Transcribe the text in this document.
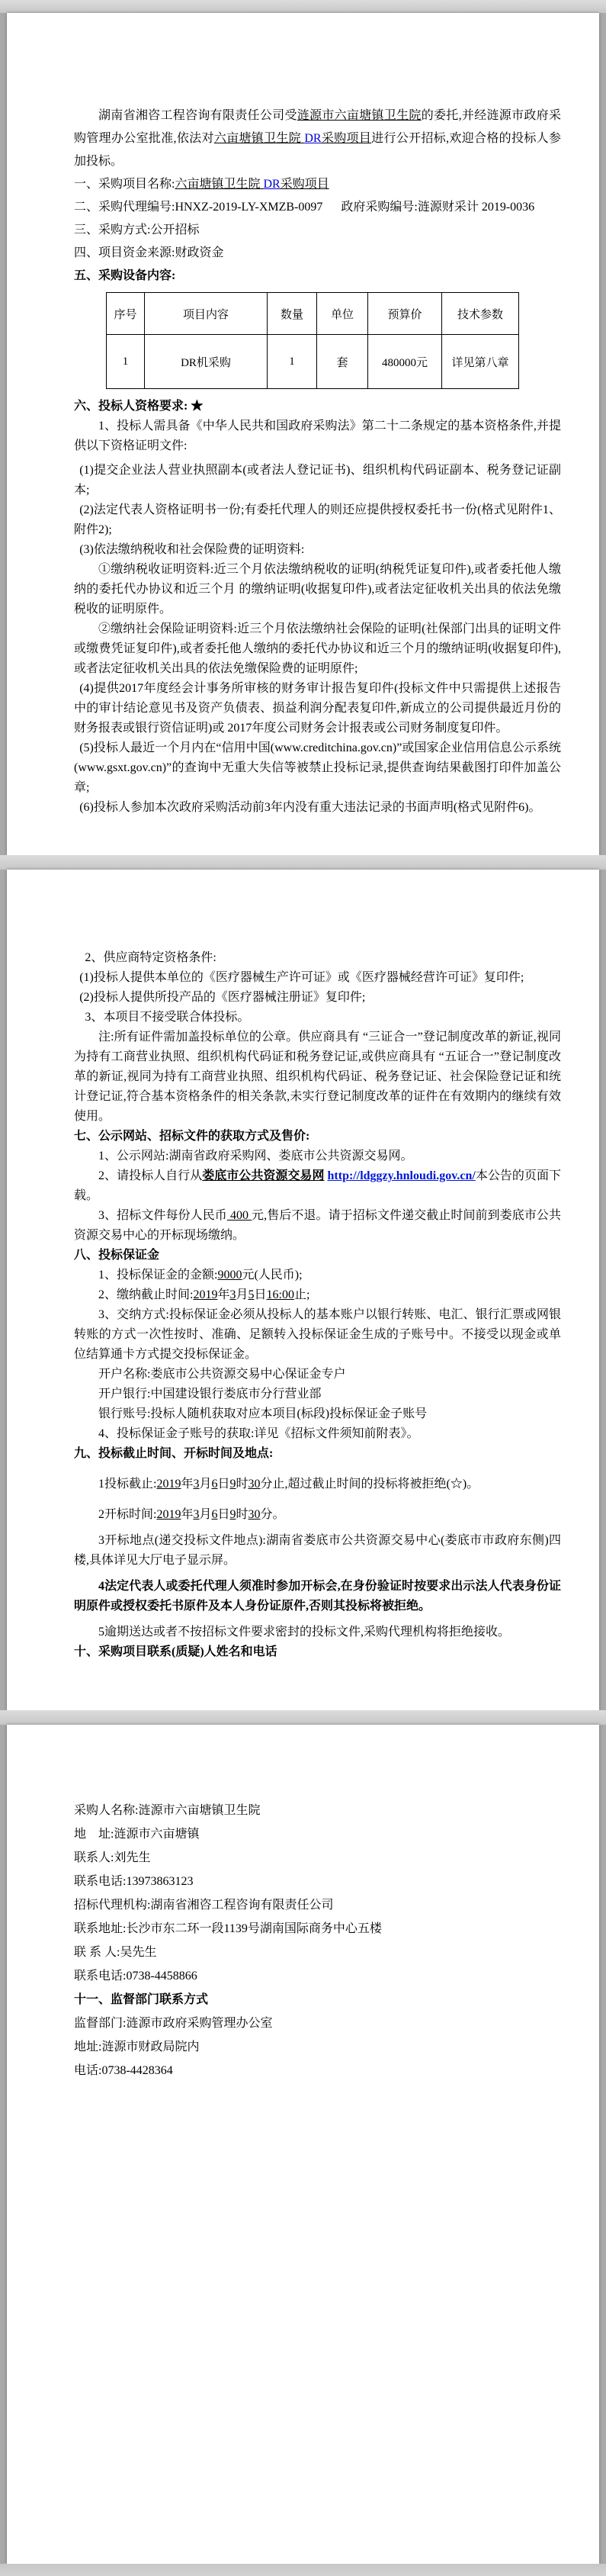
湖南省湘咨工程咨询有限责任公司受涟源市六亩塘镇卫生院的委托,并经涟源市政府采购管理办公室批准,依法对六亩塘镇卫生院 DR采购项目进行公开招标,欢迎合格的投标人参加投标。

一、采购项目名称:六亩塘镇卫生院 DR采购项目
二、采购代理编号:HNXZ-2019-LY-XMZB-0097      政府采购编号:涟源财采计 2019-0036
三、采购方式:公开招标
四、项目资金来源:财政资金
五、采购设备内容:
序号	项目内容	数量	单位	预算价	技术参数
1	DR机采购	1	套	480000元	详见第八章
六、投标人资格要求: ★

1、投标人需具备《中华人民共和国政府采购法》第二十二条规定的基本资格条件,并提供以下资格证明文件:

(1)提交企业法人营业执照副本(或者法人登记证书)、组织机构代码证副本、税务登记证副本;

(2)法定代表人资格证明书一份;有委托代理人的则还应提供授权委托书一份(格式见附件1、附件2);

(3)依法缴纳税收和社会保险费的证明资料:

①缴纳税收证明资料:近三个月依法缴纳税收的证明(纳税凭证复印件),或者委托他人缴纳的委托代办协议和近三个月 的缴纳证明(收据复印件),或者法定征收机关出具的依法免缴税收的证明原件。

②缴纳社会保险证明资料:近三个月依法缴纳社会保险的证明(社保部门出具的证明文件或缴费凭证复印件),或者委托他人缴纳的委托代办协议和近三个月的缴纳证明(收据复印件),或者法定征收机关出具的依法免缴保险费的证明原件;

(4)提供2017年度经会计事务所审核的财务审计报告复印件(投标文件中只需提供上述报告中的审计结论意见书及资产负债表、损益利润分配表复印件,新成立的公司提供最近月份的财务报表或银行资信证明)或 2017年度公司财务会计报表或公司财务制度复印件。

(5)投标人最近一个月内在“信用中国(www.creditchina.gov.cn)”或国家企业信用信息公示系统(www.gsxt.gov.cn)”的查询中无重大失信等被禁止投标记录,提供查询结果截图打印件加盖公章;

(6)投标人参加本次政府采购活动前3年内没有重大违法记录的书面声明(格式见附件6)。

2、供应商特定资格条件:

(1)投标人提供本单位的《医疗器械生产许可证》或《医疗器械经营许可证》复印件;

(2)投标人提供所投产品的《医疗器械注册证》复印件;

3、本项目不接受联合体投标。

注:所有证件需加盖投标单位的公章。供应商具有 “三证合一”登记制度改革的新证,视同为持有工商营业执照、组织机构代码证和税务登记证,或供应商具有 “五证合一”登记制度改革的新证,视同为持有工商营业执照、组织机构代码证、税务登记证、社会保险登记证和统计登记证,符合基本资格条件的相关条款,未实行登记制度改革的证件在有效期内的继续有效使用。

七、公示网站、招标文件的获取方式及售价:

1、公示网站:湖南省政府采购网、娄底市公共资源交易网。

2、请投标人自行从娄底市公共资源交易网 http://ldggzy.hnloudi.gov.cn/本公告的页面下载。

3、招标文件每份人民币 400 元,售后不退。请于招标文件递交截止时间前到娄底市公共资源交易中心的开标现场缴纳。

八、投标保证金

1、投标保证金的金额:9000元(人民币);

2、缴纳截止时间:2019年3月5日16:00止;

3、交纳方式:投标保证金必须从投标人的基本账户以银行转账、电汇、银行汇票或网银转账的方式一次性按时、准确、足额转入投标保证金生成的子账号中。不接受以现金或单位结算通卡方式提交投标保证金。

开户名称:娄底市公共资源交易中心保证金专户

开户银行:中国建设银行娄底市分行营业部

银行账号:投标人随机获取对应本项目(标段)投标保证金子账号

4、投标保证金子账号的获取:详见《招标文件须知前附表》。

九、投标截止时间、开标时间及地点:

1投标截止:2019年3月6日9时30分止,超过截止时间的投标将被拒绝(☆)。

2开标时间:2019年3月6日9时30分。

3开标地点(递交投标文件地点):湖南省娄底市公共资源交易中心(娄底市市政府东侧)四楼,具体详见大厅电子显示屏。

4法定代表人或委托代理人须准时参加开标会,在身份验证时按要求出示法人代表身份证明原件或授权委托书原件及本人身份证原件,否则其投标将被拒绝。

5逾期送达或者不按招标文件要求密封的投标文件,采购代理机构将拒绝接收。

十、采购项目联系(质疑)人姓名和电话
采购人名称:涟源市六亩塘镇卫生院
地    址:涟源市六亩塘镇
联系人:刘先生
联系电话:13973863123
招标代理机构:湖南省湘咨工程咨询有限责任公司
联系地址:长沙市东二环一段1139号湖南国际商务中心五楼
联 系 人:吴先生
联系电话:0738-4458866
十一、监督部门联系方式
监督部门:涟源市政府采购管理办公室
地址:涟源市财政局院内
电话:0738-4428364
